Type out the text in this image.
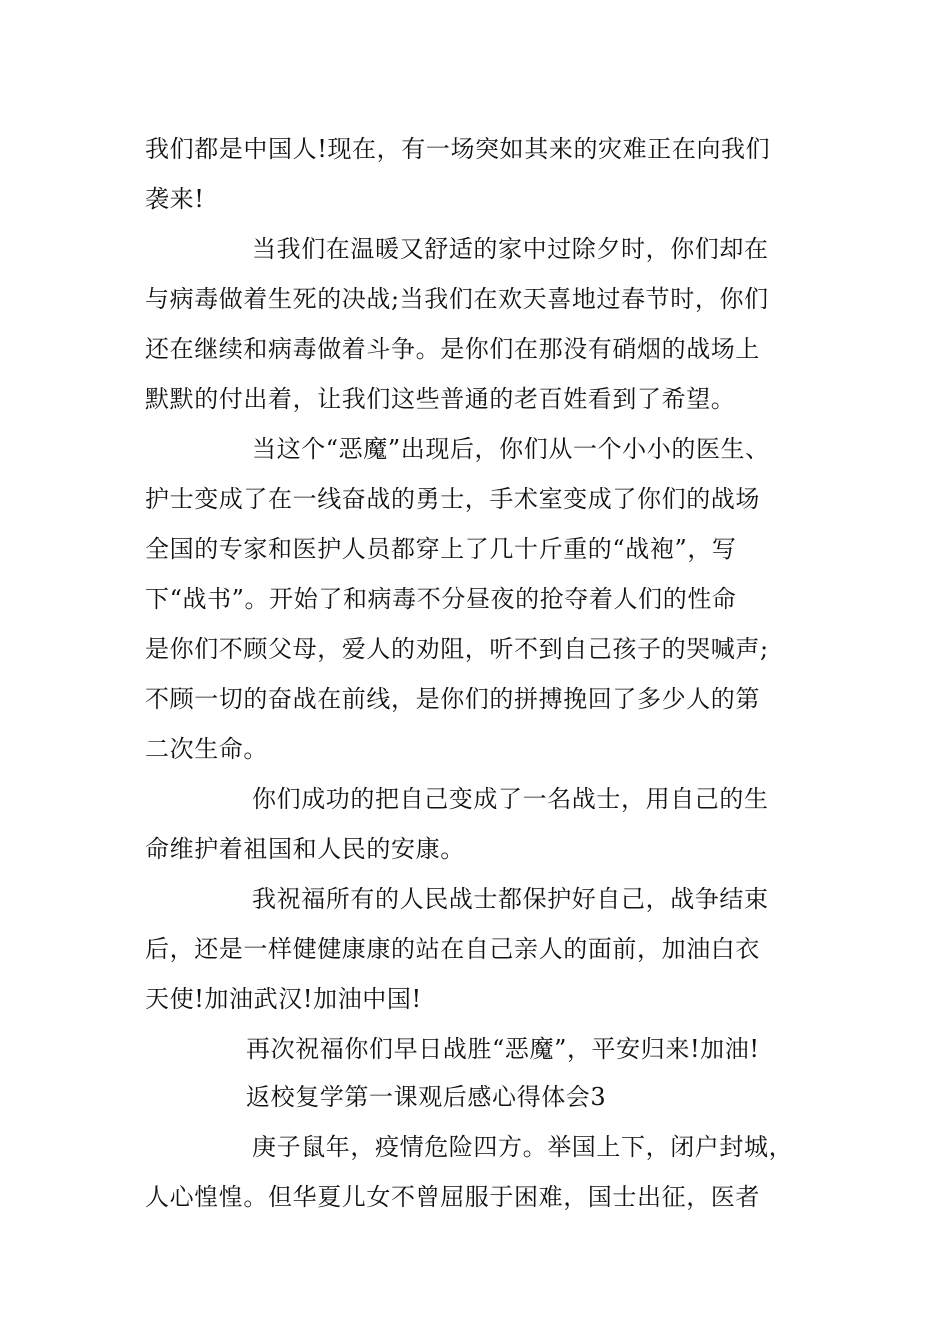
我们都是中国人!现在，有一场突如其来的灾难正在向我们
袭来!
当我们在温暖又舒适的家中过除夕时，你们却在
与病毒做着生死的决战;当我们在欢天喜地过春节时，你们
还在继续和病毒做着斗争。是你们在那没有硝烟的战场上
默默的付出着，让我们这些普通的老百姓看到了希望。
当这个“恶魔”出现后，你们从一个小小的医生、
护士变成了在一线奋战的勇士，手术室变成了你们的战场
全国的专家和医护人员都穿上了几十斤重的“战袍”，写
下“战书”。开始了和病毒不分昼夜的抢夺着人们的性命
是你们不顾父母，爱人的劝阻，听不到自己孩子的哭喊声;
不顾一切的奋战在前线，是你们的拼搏挽回了多少人的第
二次生命。
你们成功的把自己变成了一名战士，用自己的生
命维护着祖国和人民的安康。
我祝福所有的人民战士都保护好自己，战争结束
后，还是一样健健康康的站在自己亲人的面前，加油白衣
天使!加油武汉!加油中国!
再次祝福你们早日战胜“恶魔”，平安归来!加油!
返校复学第一课观后感心得体会3
庚子鼠年，疫情危险四方。举国上下，闭户封城，
人心惶惶。但华夏儿女不曾屈服于困难，国士出征，医者
